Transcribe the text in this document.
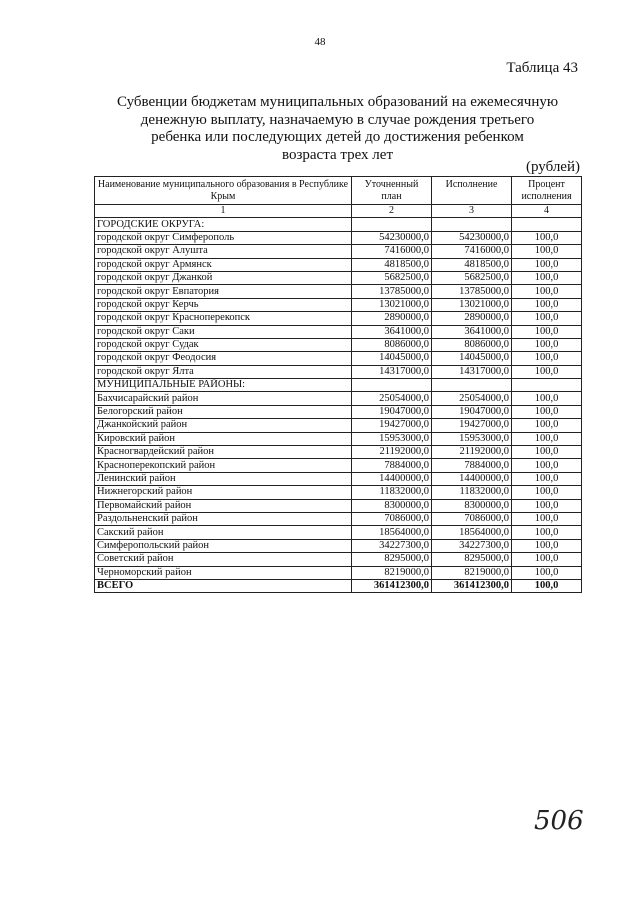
48
Таблица 43
Субвенции бюджетам муниципальных образований на ежемесячную
денежную выплату, назначаемую в случае рождения третьего
ребенка или последующих детей до достижения ребенком
возраста трех лет
(рублей)
Наименование муниципального образования в Республике Крым	Уточненный план	Исполнение	Процент исполнения
1	2	3	4
ГОРОДСКИЕ ОКРУГА:			
городской округ Симферополь	54230000,0	54230000,0	100,0
городской округ Алушта	7416000,0	7416000,0	100,0
городской округ Армянск	4818500,0	4818500,0	100,0
городской округ Джанкой	5682500,0	5682500,0	100,0
городской округ Евпатория	13785000,0	13785000,0	100,0
городской округ Керчь	13021000,0	13021000,0	100,0
городской округ Красноперекопск	2890000,0	2890000,0	100,0
городской округ Саки	3641000,0	3641000,0	100,0
городской округ Судак	8086000,0	8086000,0	100,0
городской округ Феодосия	14045000,0	14045000,0	100,0
городской округ Ялта	14317000,0	14317000,0	100,0
МУНИЦИПАЛЬНЫЕ РАЙОНЫ:			
Бахчисарайский район	25054000,0	25054000,0	100,0
Белогорский район	19047000,0	19047000,0	100,0
Джанкойский район	19427000,0	19427000,0	100,0
Кировский район	15953000,0	15953000,0	100,0
Красногвардейский район	21192000,0	21192000,0	100,0
Красноперекопский район	7884000,0	7884000,0	100,0
Ленинский район	14400000,0	14400000,0	100,0
Нижнегорский район	11832000,0	11832000,0	100,0
Первомайский район	8300000,0	8300000,0	100,0
Раздольненский район	7086000,0	7086000,0	100,0
Сакский район	18564000,0	18564000,0	100,0
Симферопольский район	34227300,0	34227300,0	100,0
Советский район	8295000,0	8295000,0	100,0
Черноморский район	8219000,0	8219000,0	100,0
ВСЕГО	361412300,0	361412300,0	100,0
506
